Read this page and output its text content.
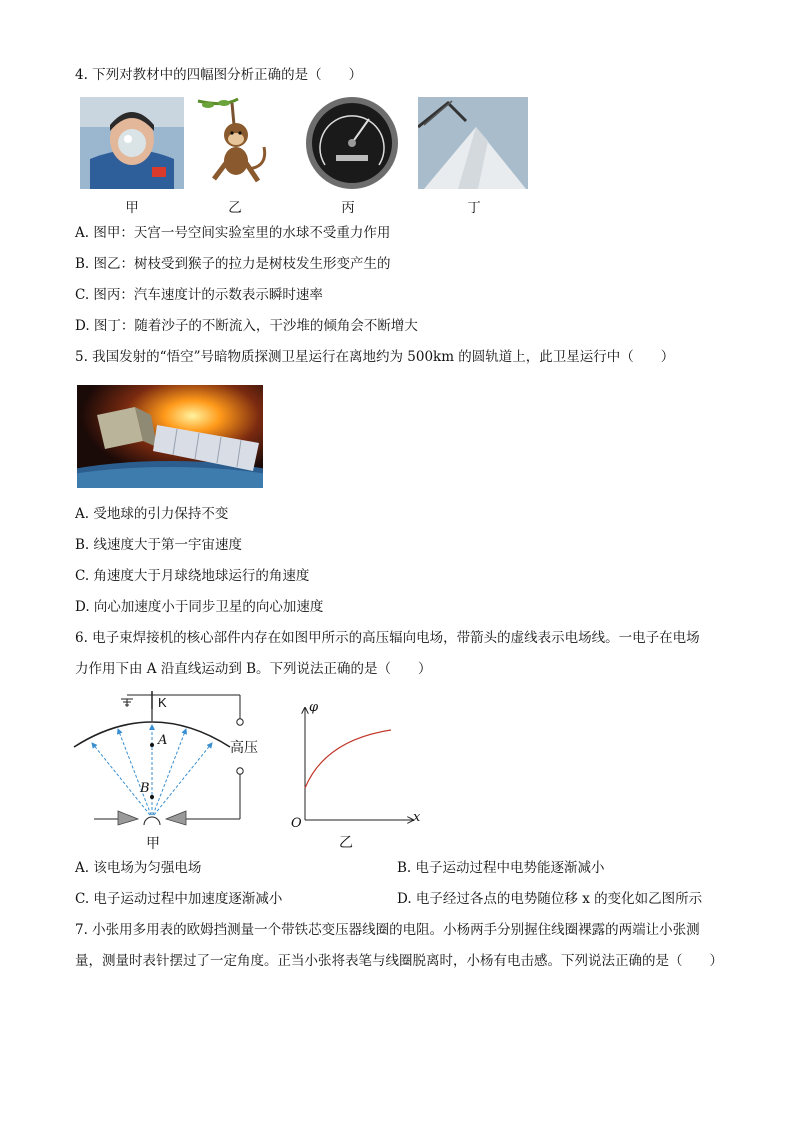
4. 下列对教材中的四幅图分析正确的是（　　）
甲	乙	丙	丁
A. 图甲：天宫一号空间实验室里的水球不受重力作用
B. 图乙：树枝受到猴子的拉力是树枝发生形变产生的
C. 图丙：汽车速度计的示数表示瞬时速率
D. 图丁：随着沙子的不断流入，干沙堆的倾角会不断增大
5. 我国发射的“悟空”号暗物质探测卫星运行在离地约为 500km 的圆轨道上，此卫星运行中（　　）
A. 受地球的引力保持不变
B. 线速度大于第一宇宙速度
C. 角速度大于月球绕地球运行的角速度
D. 向心加速度小于同步卫星的向心加速度
6. 电子束焊接机的核心部件内存在如图甲所示的高压辐向电场，带箭头的虚线表示电场线。一电子在电场
力作用下由 A 沿直线运动到 B。下列说法正确的是（　　）
K
A
B
高压
甲
φ
O	x
乙
A. 该电场为匀强电场	B. 电子运动过程中电势能逐渐减小
C. 电子运动过程中加速度逐渐减小	D. 电子经过各点的电势随位移 x 的变化如乙图所示
7. 小张用多用表的欧姆挡测量一个带铁芯变压器线圈的电阻。小杨两手分别握住线圈裸露的两端让小张测
量，测量时表针摆过了一定角度。正当小张将表笔与线圈脱离时，小杨有电击感。下列说法正确的是（　　）
